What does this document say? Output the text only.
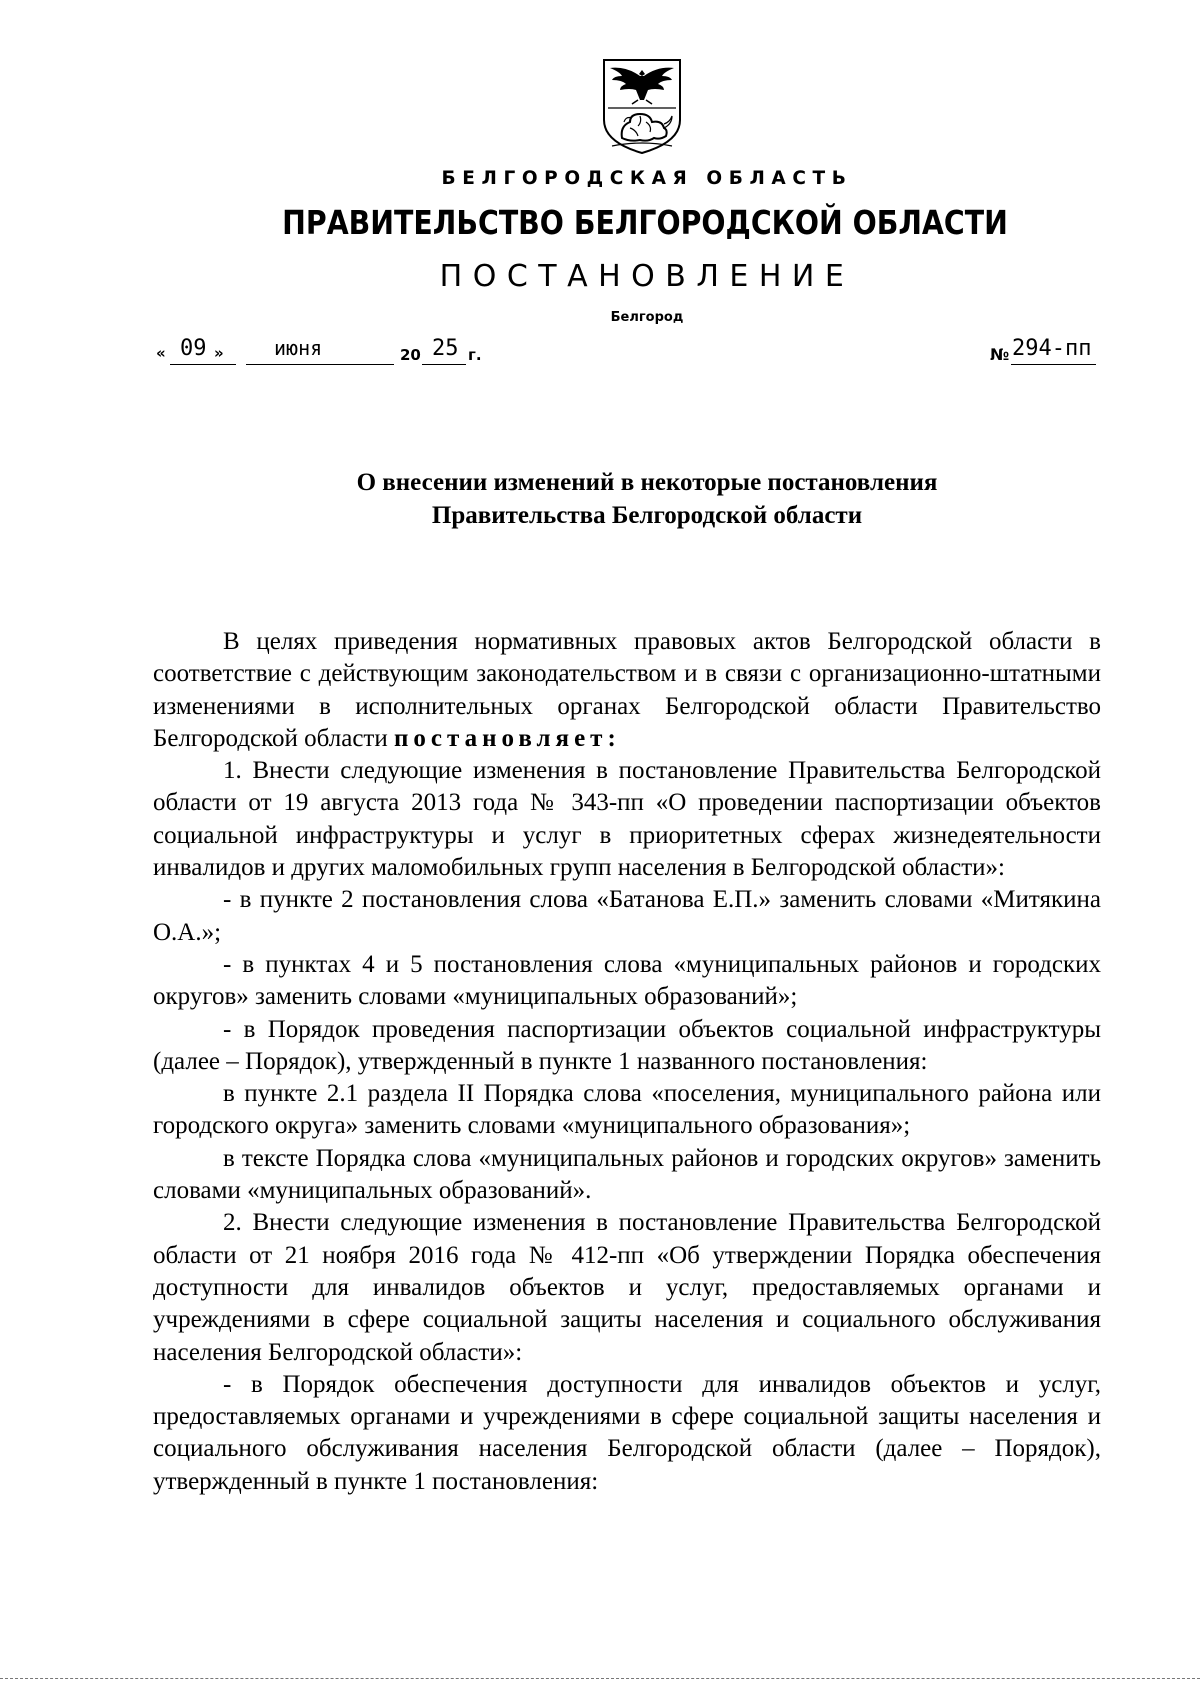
БЕЛГОРОДСКАЯ ОБЛАСТЬ
ПРАВИТЕЛЬСТВО БЕЛГОРОДСКОЙ ОБЛАСТИ
ПОСТАНОВЛЕНИЕ
Белгород
« 09 »	июня	20 25 г.	№ 294-пп
О внесении изменений в некоторые постановления
Правительства Белгородской области

В целях приведения нормативных правовых актов Белгородской области в соответствие с действующим законодательством и в связи с организационно-штатными изменениями в исполнительных органах Белгородской области Правительство Белгородской области постановляет:

1. Внести следующие изменения в постановление Правительства Белгородской области от 19 августа 2013 года № 343-пп «О проведении паспортизации объектов социальной инфраструктуры и услуг в приоритетных сферах жизнедеятельности инвалидов и других маломобильных групп населения в Белгородской области»:

- в пункте 2 постановления слова «Батанова Е.П.» заменить словами «Митякина О.А.»;

- в пунктах 4 и 5 постановления слова «муниципальных районов и городских округов» заменить словами «муниципальных образований»;

- в Порядок проведения паспортизации объектов социальной инфраструктуры (далее – Порядок), утвержденный в пункте 1 названного постановления:

в пункте 2.1 раздела II Порядка слова «поселения, муниципального района или городского округа» заменить словами «муниципального образования»;

в тексте Порядка слова «муниципальных районов и городских округов» заменить словами «муниципальных образований».

2. Внести следующие изменения в постановление Правительства Белгородской области от 21 ноября 2016 года № 412-пп «Об утверждении Порядка обеспечения доступности для инвалидов объектов и услуг, предоставляемых органами и учреждениями в сфере социальной защиты населения и социального обслуживания населения Белгородской области»:

- в Порядок обеспечения доступности для инвалидов объектов и услуг, предоставляемых органами и учреждениями в сфере социальной защиты населения и социального обслуживания населения Белгородской области (далее – Порядок), утвержденный в пункте 1 постановления:
